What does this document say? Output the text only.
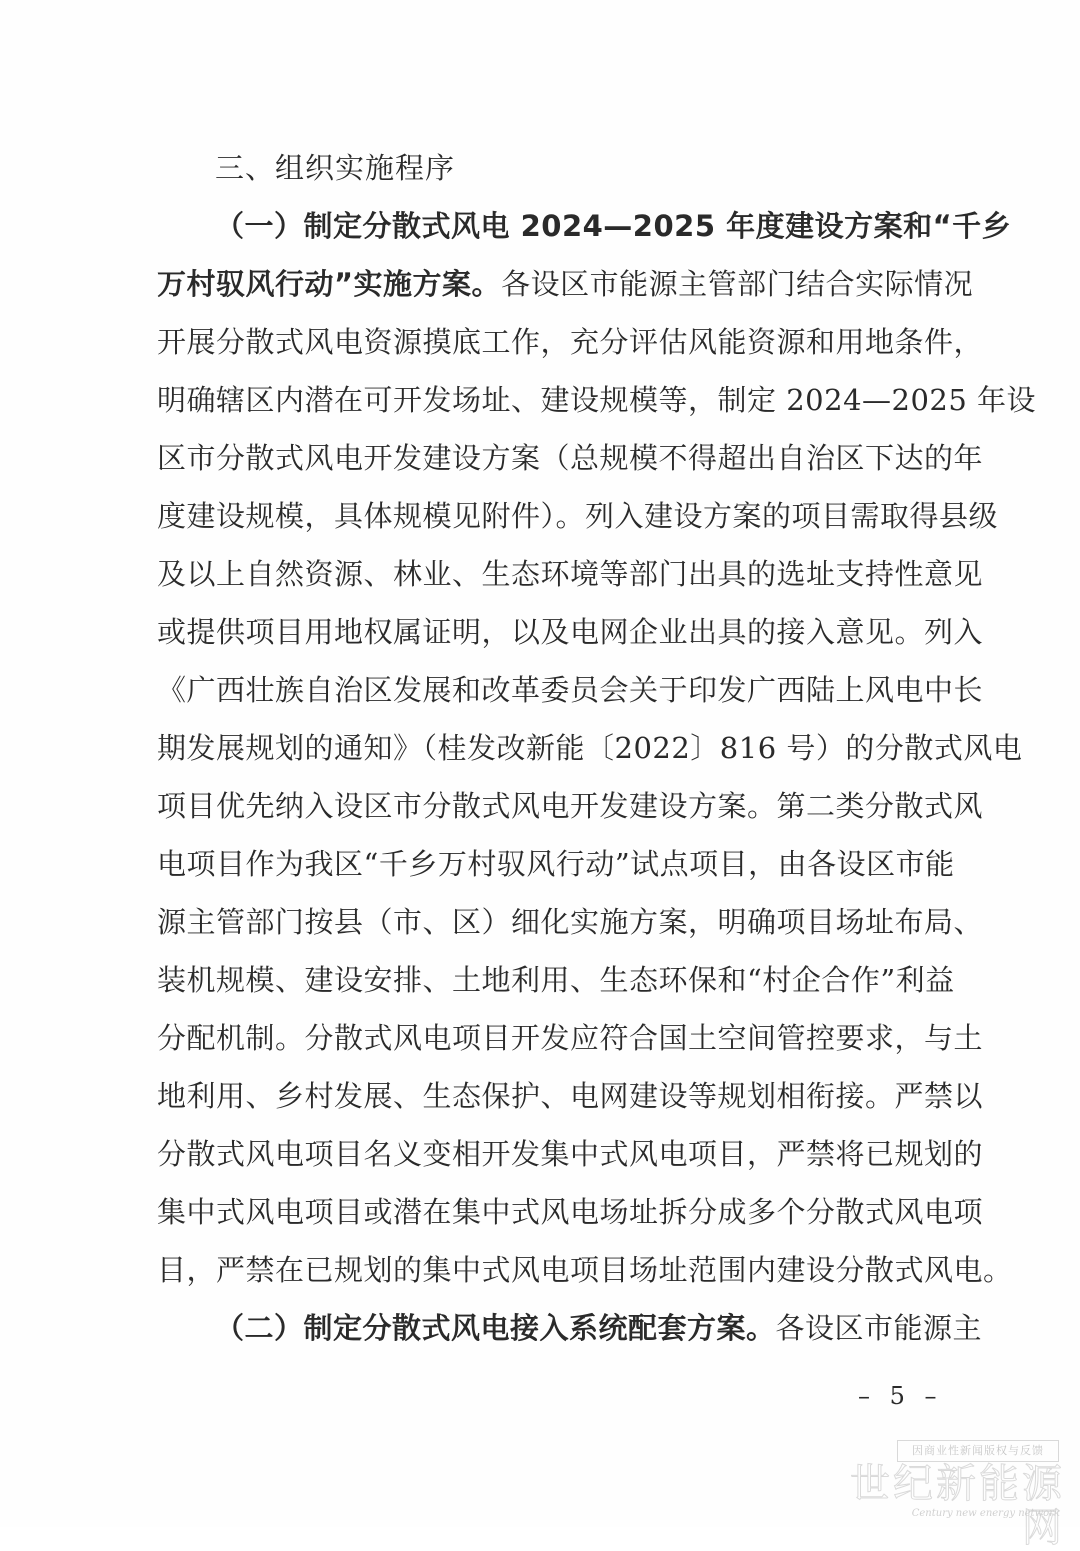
三、组织实施程序
（一）制定分散式风电 2024—2025 年度建设方案和“千乡
万村驭风行动”实施方案。各设区市能源主管部门结合实际情况
开展分散式风电资源摸底工作，充分评估风能资源和用地条件，
明确辖区内潜在可开发场址、建设规模等，制定 2024—2025 年设
区市分散式风电开发建设方案（总规模不得超出自治区下达的年
度建设规模，具体规模见附件）。列入建设方案的项目需取得县级
及以上自然资源、林业、生态环境等部门出具的选址支持性意见
或提供项目用地权属证明，以及电网企业出具的接入意见。列入
《广西壮族自治区发展和改革委员会关于印发广西陆上风电中长
期发展规划的通知》（桂发改新能〔2022〕816 号）的分散式风电
项目优先纳入设区市分散式风电开发建设方案。第二类分散式风
电项目作为我区“千乡万村驭风行动”试点项目，由各设区市能
源主管部门按县（市、区）细化实施方案，明确项目场址布局、
装机规模、建设安排、土地利用、生态环保和“村企合作”利益
分配机制。分散式风电项目开发应符合国土空间管控要求，与土
地利用、乡村发展、生态保护、电网建设等规划相衔接。严禁以
分散式风电项目名义变相开发集中式风电项目，严禁将已规划的
集中式风电项目或潜在集中式风电场址拆分成多个分散式风电项
目，严禁在已规划的集中式风电项目场址范围内建设分散式风电。
（二）制定分散式风电接入系统配套方案。各设区市能源主
– 5 –
因商业性新闻版权与反馈
世纪新能源网
Century new energy network
